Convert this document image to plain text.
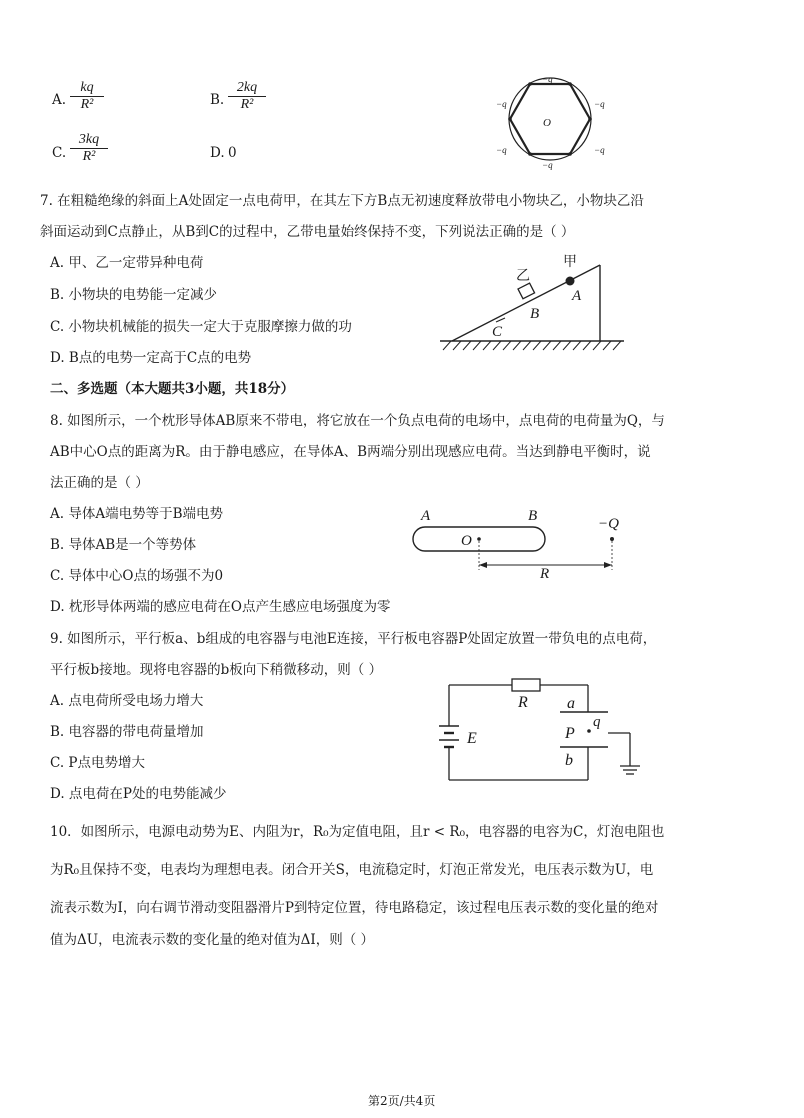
A. $\frac{kq}{\text{R²}}$	B. $\frac{2kq}{\text{R²}}$
C. $\frac{3kq}{\text{R²}}$	D. 0
−q
−q
−q
−q
−q
−q
O
甲
乙
A
B
C
A	B
O
−Q
R
R a
q
P
E
b
7. 在粗糙绝缘的斜面上A处固定一点电荷甲，在其左下方B点无初速度释放带电小物块乙，小物块乙沿
斜面运动到C点静止，从B到C的过程中，乙带电量始终保持不变，下列说法正确的是（ ）
A. 甲、乙一定带异种电荷
B. 小物块的电势能一定减少
C. 小物块机械能的损失一定大于克服摩擦力做的功
D. B点的电势一定高于C点的电势
二、多选题（本大题共3小题，共18分）
8. 如图所示，一个枕形导体AB原来不带电，将它放在一个负点电荷的电场中，点电荷的电荷量为Q，与
AB中心O点的距离为R。由于静电感应，在导体A、B两端分别出现感应电荷。当达到静电平衡时，说
法正确的是（ ）
A. 导体A端电势等于B端电势
B. 导体AB是一个等势体
C. 导体中心O点的场强不为0
D. 枕形导体两端的感应电荷在O点产生感应电场强度为零
9. 如图所示，平行板a、b组成的电容器与电池E连接，平行板电容器P处固定放置一带负电的点电荷，
平行板b接地。现将电容器的b板向下稍微移动，则（ ）
A. 点电荷所受电场力增大
B. 电容器的带电荷量增加
C. P点电势增大
D. 点电荷在P处的电势能减少
10．如图所示，电源电动势为E、内阻为r，R₀为定值电阻，且r < R₀，电容器的电容为C，灯泡电阻也
为R₀且保持不变，电表均为理想电表。闭合开关S，电流稳定时，灯泡正常发光，电压表示数为U，电
流表示数为I，向右调节滑动变阻器滑片P到特定位置，待电路稳定，该过程电压表示数的变化量的绝对
值为ΔU，电流表示数的变化量的绝对值为ΔI，则（ ）
第2页/共4页
